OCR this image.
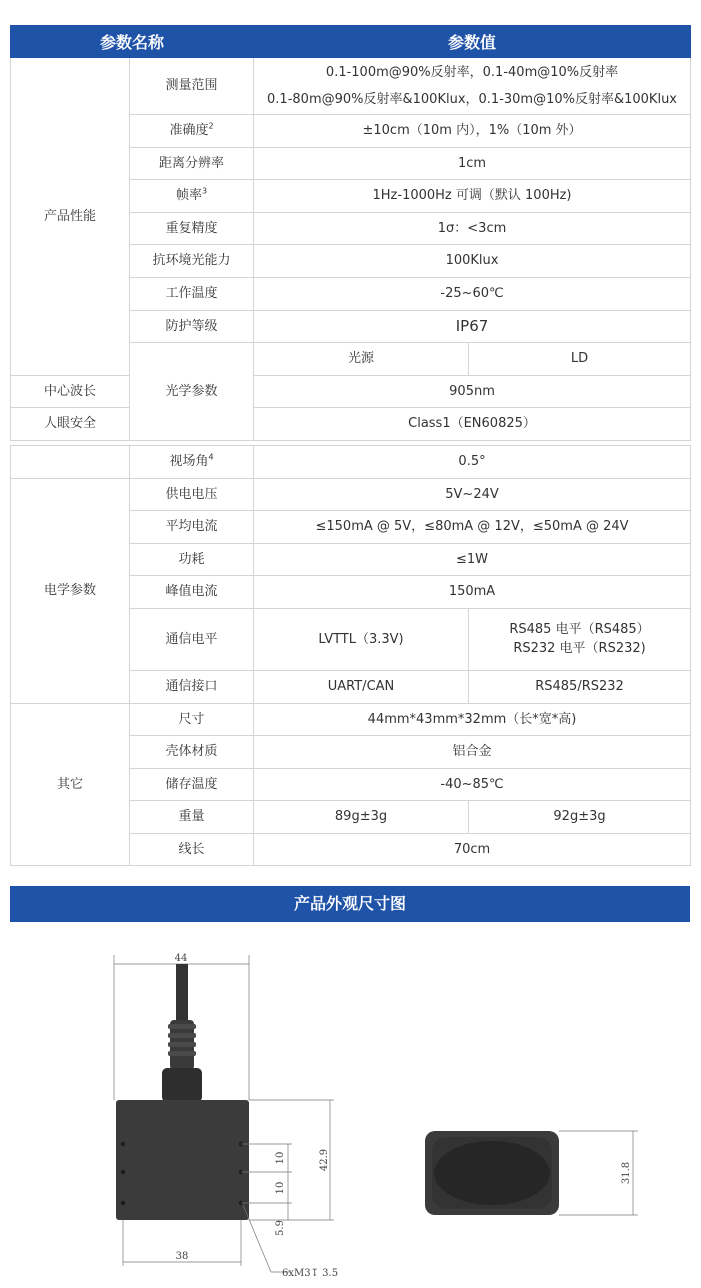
参数名称		参数值	
产品性能	测量范围	0.1-100m@90%反射率，0.1-40m@10%反射率
0.1-80m@90%反射率&100Klux，0.1-30m@10%反射率&100Klux	

	准确度$^2$	±10cm（10m 内），1%（10m 外）	
	距离分辨率	1cm	
	帧率$^3$	1Hz-1000Hz 可调（默认 100Hz)	
	重复精度	1σ：<3cm	
	抗环境光能力	100Klux	
	工作温度	-25~60℃	
	防护等级	IP67	
	光学参数	光源	LD
中心波长		905nm	
人眼安全		Class1（EN60825）	

	视场角$^4$	0.5°	
电学参数	供电电压	5V~24V	
	平均电流	≤150mA @ 5V，≤80mA @ 12V，≤50mA @ 24V	
	功耗	≤1W	
	峰值电流	150mA	
	通信电平	LVTTL（3.3V)	RS485 电平（RS485）
RS232 电平（RS232)

	通信接口	UART/CAN	RS485/RS232
其它	尺寸	44mm*43mm*32mm（长*宽*高)	
	壳体材质	铝合金	
	储存温度	-40~85℃	
	重量	89g±3g	92g±3g
	线长	70cm	
产品外观尺寸图
44
42.9
10
10
5.9
38
6xM3↧ 3.5
31.8
